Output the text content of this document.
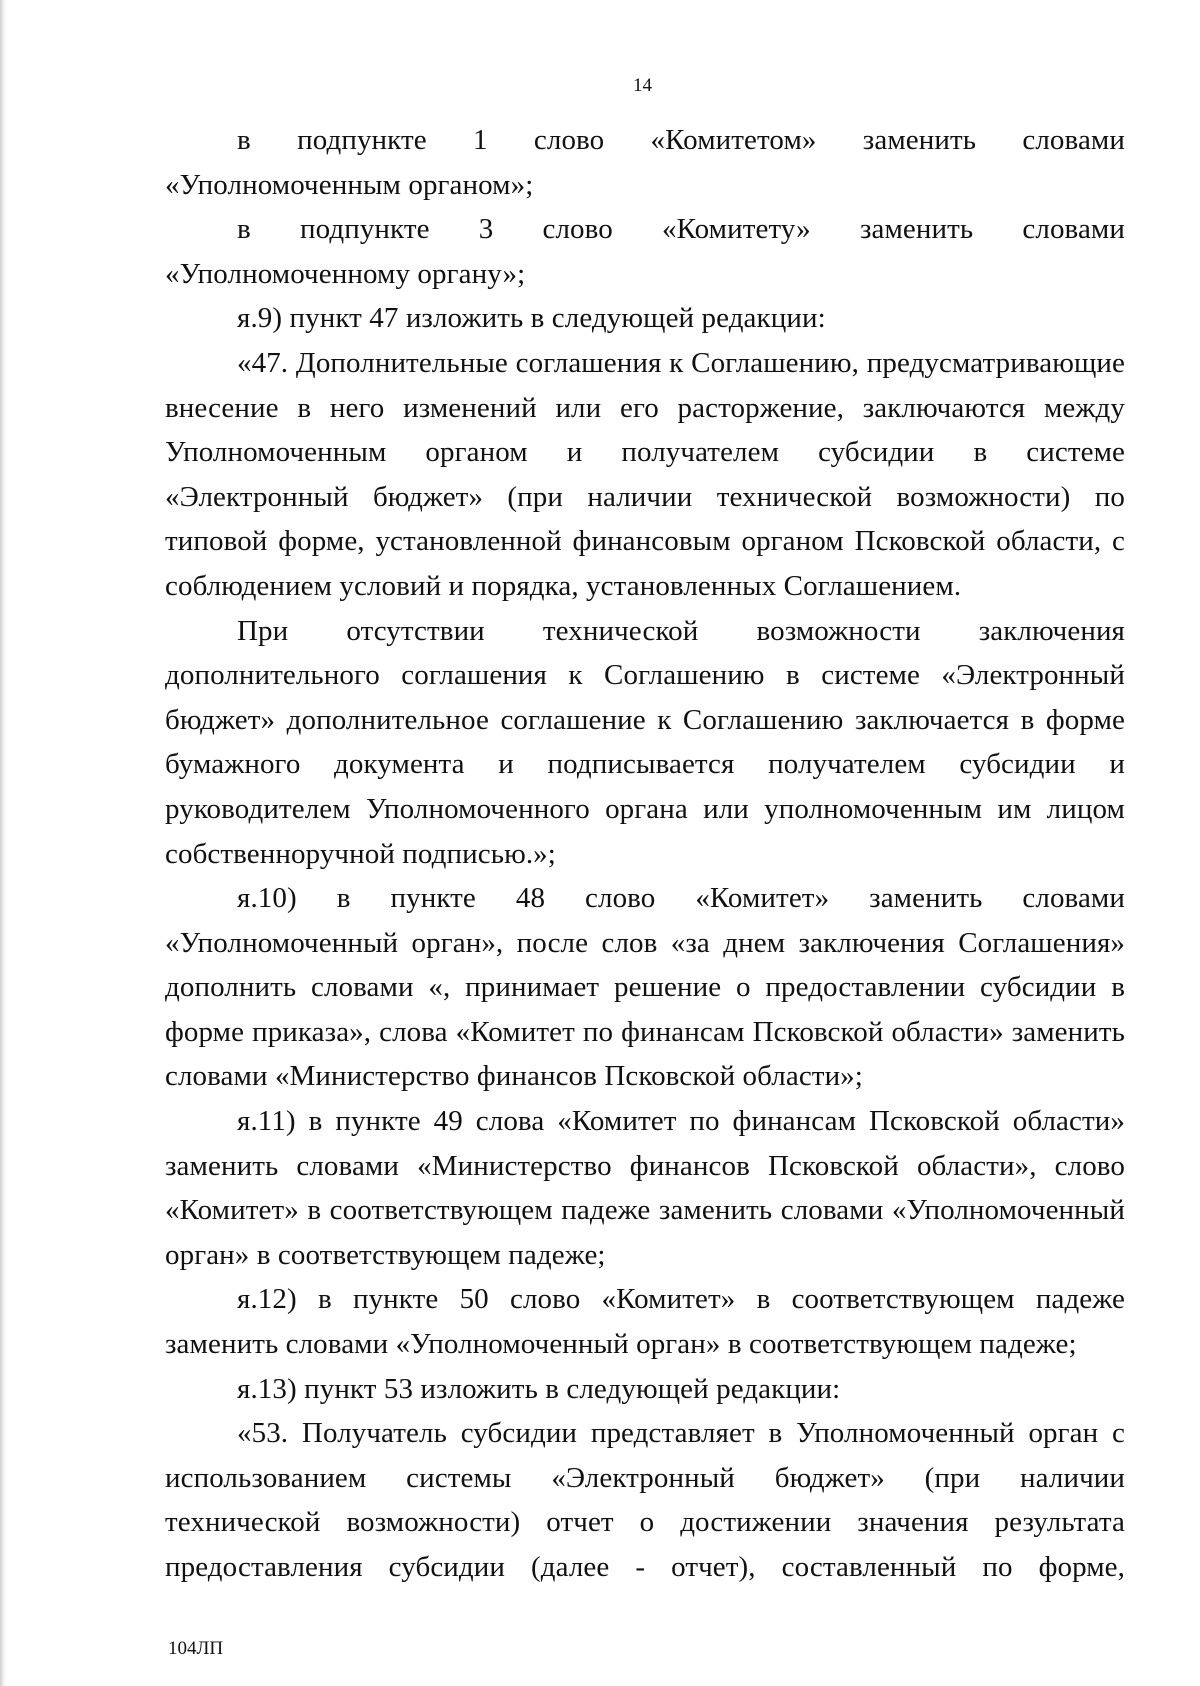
14

в подпункте 1 слово «Комитетом» заменить словами «Уполномоченным органом»;

в подпункте 3 слово «Комитету» заменить словами «Уполномоченному органу»;

я.9) пункт 47 изложить в следующей редакции:

«47. Дополнительные соглашения к Соглашению, предусматривающие внесение в него изменений или его расторжение, заключаются между Уполномоченным органом и получателем субсидии в системе «Электронный бюджет» (при наличии технической возможности) по типовой форме, установленной финансовым органом Псковской области, с соблюдением условий и порядка, установленных Соглашением.

При отсутствии технической возможности заключения дополнительного соглашения к Соглашению в системе «Электронный бюджет» дополнительное соглашение к Соглашению заключается в форме бумажного документа и подписывается получателем субсидии и руководителем Уполномоченного органа или уполномоченным им лицом собственноручной подписью.»;

я.10) в пункте 48 слово «Комитет» заменить словами «Уполномоченный орган», после слов «за днем заключения Соглашения» дополнить словами «, принимает решение о предоставлении субсидии в форме приказа», слова «Комитет по финансам Псковской области» заменить словами «Министерство финансов Псковской области»;

я.11) в пункте 49 слова «Комитет по финансам Псковской области» заменить словами «Министерство финансов Псковской области», слово «Комитет» в соответствующем падеже заменить словами «Уполномоченный орган» в соответствующем падеже;

я.12) в пункте 50 слово «Комитет» в соответствующем падеже заменить словами «Уполномоченный орган» в соответствующем падеже;

я.13) пункт 53 изложить в следующей редакции:

«53. Получатель субсидии представляет в Уполномоченный орган с использованием системы «Электронный бюджет» (при наличии технической возможности) отчет о достижении значения результата предоставления субсидии (далее - отчет), составленный по форме,

104ЛП
